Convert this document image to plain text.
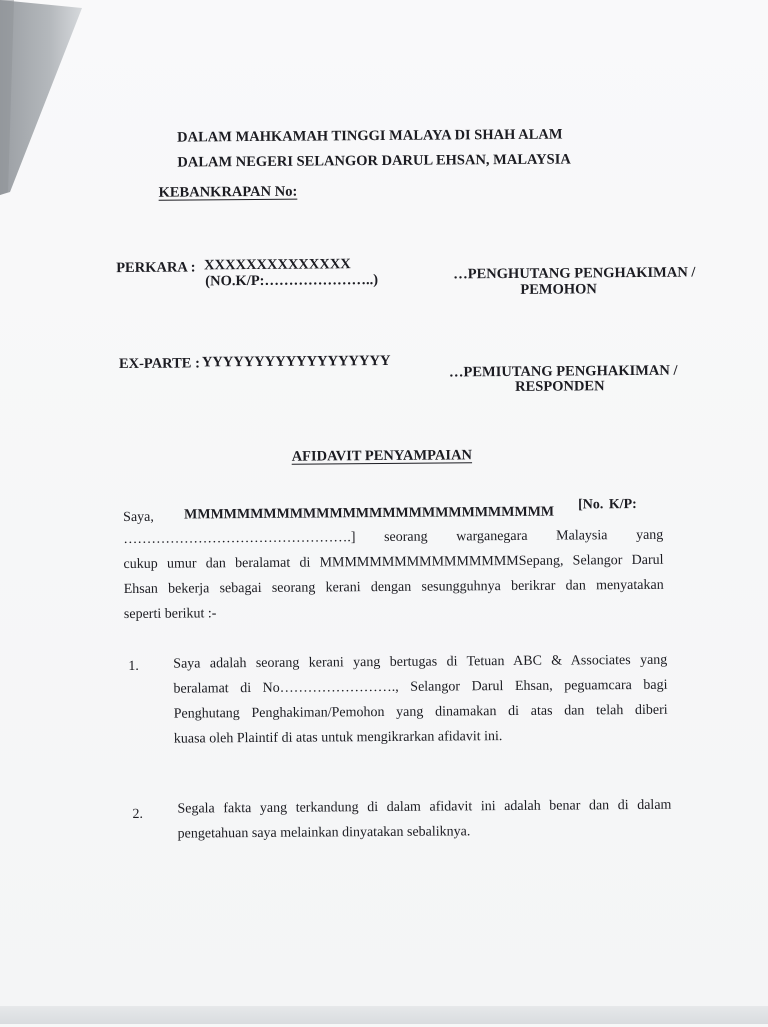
DALAM MAHKAMAH TINGGI MALAYA DI SHAH ALAM
DALAM NEGERI SELANGOR DARUL EHSAN, MALAYSIA
KEBANKRAPAN No:
PERKARA : XXXXXXXXXXXXXX
(NO.K/P:…………………..)	…PENGHUTANG PENGHAKIMAN /
PEMOHON
EX-PARTE : YYYYYYYYYYYYYYYYYY
…PEMIUTANG PENGHAKIMAN /
RESPONDEN
AFIDAVIT PENYAMPAIAN
Saya, MMMMMMMMMMMMMMMMMMMMMMMMMMMM [No. K/P:
………………………………………….] seorang warganegara Malaysia yang
cukup umur dan beralamat di MMMMMMMMMMMMMMMMSepang, Selangor Darul
Ehsan bekerja sebagai seorang kerani dengan sesungguhnya berikrar dan menyatakan
seperti berikut :-
1. Saya adalah seorang kerani yang bertugas di Tetuan ABC & Associates yang
beralamat di No……………………., Selangor Darul Ehsan, peguamcara bagi
Penghutang Penghakiman/Pemohon yang dinamakan di atas dan telah diberi
kuasa oleh Plaintif di atas untuk mengikrarkan afidavit ini.
2. Segala fakta yang terkandung di dalam afidavit ini adalah benar dan di dalam
pengetahuan saya melainkan dinyatakan sebaliknya.
